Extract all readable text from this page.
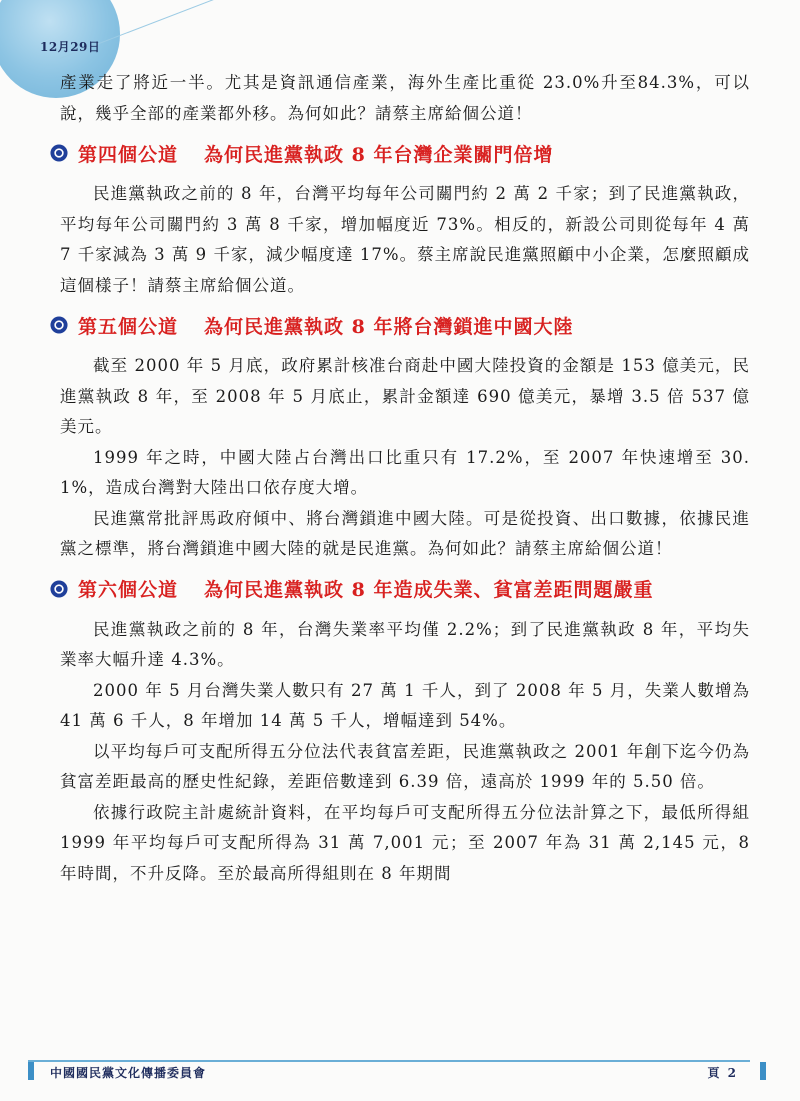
12月29日

產業走了將近一半。尤其是資訊通信產業，海外生產比重從 23.0%升至84.3%，可以說，幾乎全部的產業都外移。為何如此？請蔡主席給個公道！

第四個公道 為何民進黨執政 8 年台灣企業關門倍增

民進黨執政之前的 8 年，台灣平均每年公司關門約 2 萬 2 千家；到了民進黨執政，平均每年公司關門約 3 萬 8 千家，增加幅度近 73%。相反的，新設公司則從每年 4 萬 7 千家減為 3 萬 9 千家，減少幅度達 17%。蔡主席說民進黨照顧中小企業，怎麼照顧成這個樣子！請蔡主席給個公道。

第五個公道 為何民進黨執政 8 年將台灣鎖進中國大陸

截至 2000 年 5 月底，政府累計核准台商赴中國大陸投資的金額是 153 億美元，民進黨執政 8 年，至 2008 年 5 月底止，累計金額達 690 億美元，暴增 3.5 倍 537 億美元。

1999 年之時，中國大陸占台灣出口比重只有 17.2%，至 2007 年快速增至 30.1%，造成台灣對大陸出口依存度大增。

民進黨常批評馬政府傾中、將台灣鎖進中國大陸。可是從投資、出口數據，依據民進黨之標準，將台灣鎖進中國大陸的就是民進黨。為何如此？請蔡主席給個公道！

第六個公道 為何民進黨執政 8 年造成失業、貧富差距問題嚴重

民進黨執政之前的 8 年，台灣失業率平均僅 2.2%；到了民進黨執政 8 年，平均失業率大幅升達 4.3%。

2000 年 5 月台灣失業人數只有 27 萬 1 千人，到了 2008 年 5 月，失業人數增為 41 萬 6 千人，8 年增加 14 萬 5 千人，增幅達到 54%。

以平均每戶可支配所得五分位法代表貧富差距，民進黨執政之 2001 年創下迄今仍為貧富差距最高的歷史性紀錄，差距倍數達到 6.39 倍，遠高於 1999 年的 5.50 倍。

依據行政院主計處統計資料，在平均每戶可支配所得五分位法計算之下，最低所得組 1999 年平均每戶可支配所得為 31 萬 7,001 元；至 2007 年為 31 萬 2,145 元，8 年時間，不升反降。至於最高所得組則在 8 年期間

中國國民黨文化傳播委員會	頁 2
